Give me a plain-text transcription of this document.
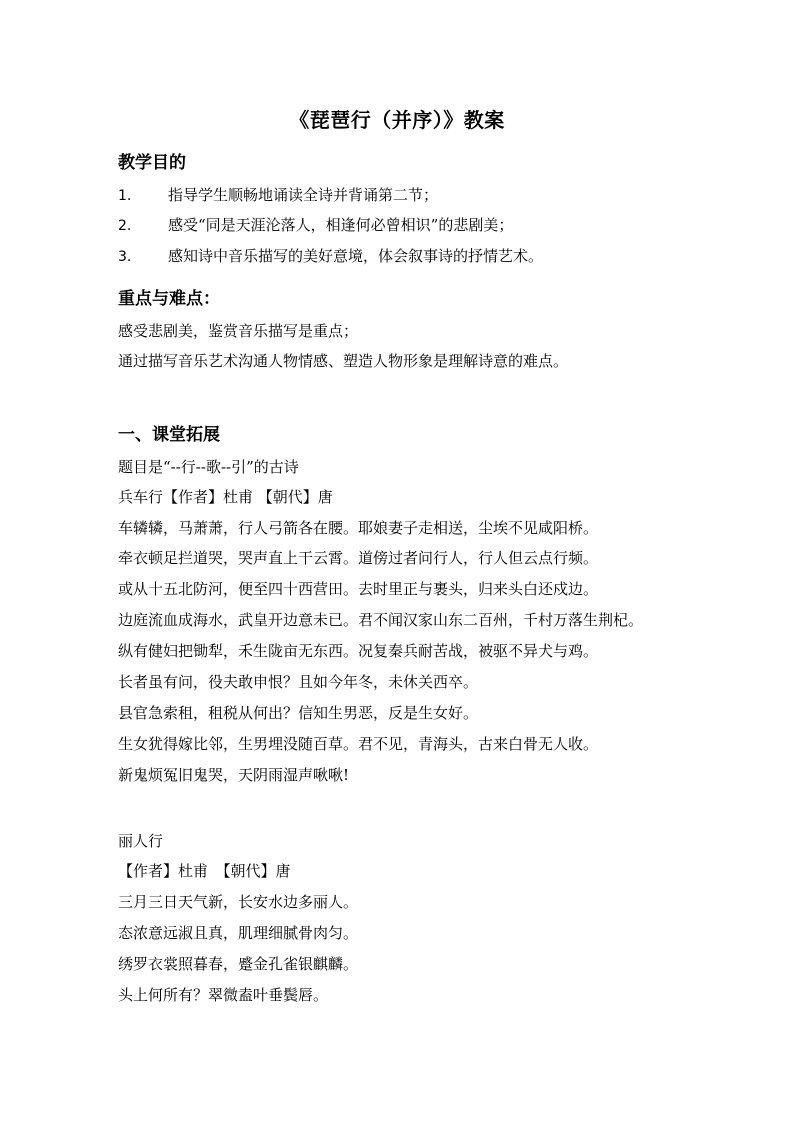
《琵琶行（并序）》教案
教学目的
1. 指导学生顺畅地诵读全诗并背诵第二节；
2. 感受“同是天涯沦落人，相逢何必曾相识”的悲剧美；
3. 感知诗中音乐描写的美好意境，体会叙事诗的抒情艺术。
重点与难点：
感受悲剧美，鉴赏音乐描写是重点；
通过描写音乐艺术沟通人物情感、塑造人物形象是理解诗意的难点。
一、课堂拓展
题目是“--行--歌--引”的古诗
兵车行【作者】杜甫 【朝代】唐
车辚辚，马萧萧，行人弓箭各在腰。耶娘妻子走相送，尘埃不见咸阳桥。
牵衣顿足拦道哭，哭声直上干云霄。道傍过者问行人，行人但云点行频。
或从十五北防河，便至四十西营田。去时里正与裹头，归来头白还戍边。
边庭流血成海水，武皇开边意未已。君不闻汉家山东二百州，千村万落生荆杞。
纵有健妇把锄犁，禾生陇亩无东西。况复秦兵耐苦战，被驱不异犬与鸡。
长者虽有问，役夫敢申恨？且如今年冬，未休关西卒。
县官急索租，租税从何出？信知生男恶，反是生女好。
生女犹得嫁比邻，生男埋没随百草。君不见，青海头，古来白骨无人收。
新鬼烦冤旧鬼哭，天阴雨湿声啾啾!
丽人行
【作者】杜甫　【朝代】唐
三月三日天气新，长安水边多丽人。
态浓意远淑且真，肌理细腻骨肉匀。
绣罗衣裳照暮春，蹙金孔雀银麒麟。
头上何所有？翠微盍叶垂鬓唇。
